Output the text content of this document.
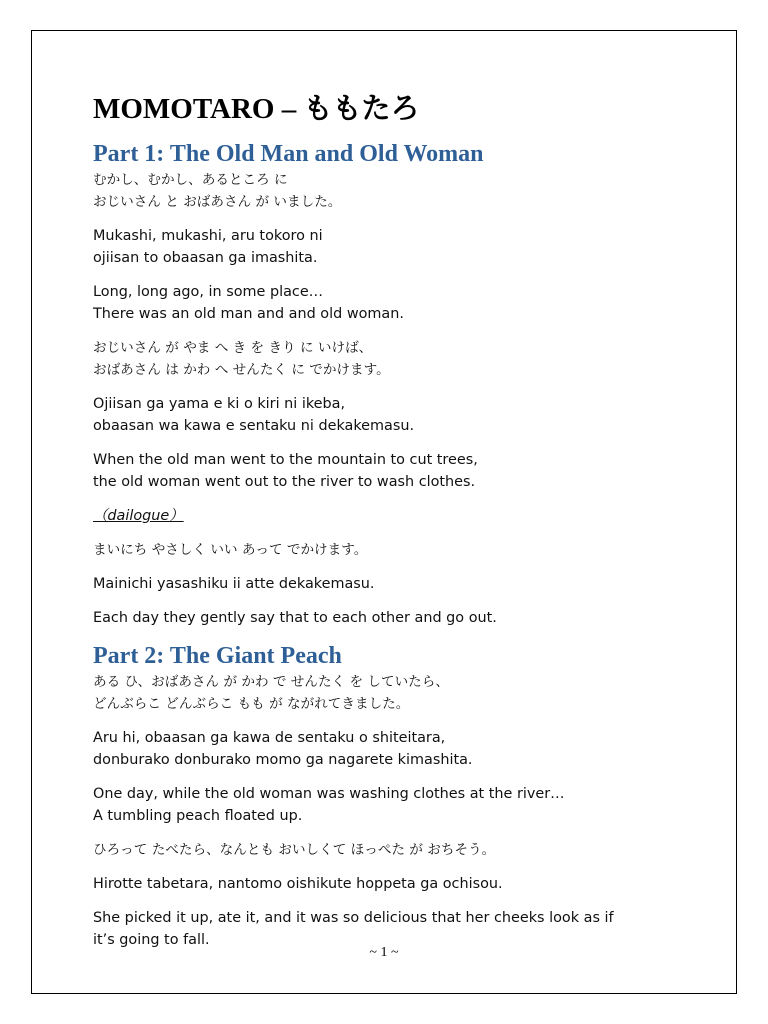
MOMOTARO – ももたろ
Part 1: The Old Man and Old Woman

むかし、むかし、あるところ に
おじいさん と おばあさん が いました。

Mukashi, mukashi, aru tokoro ni
ojiisan to obaasan ga imashita.

Long, long ago, in some place…
There was an old man and and old woman.

おじいさん が やま へ き を きり に いけば、
おばあさん は かわ へ せんたく に でかけます。

Ojiisan ga yama e ki o kiri ni ikeba,
obaasan wa kawa e sentaku ni dekakemasu.

When the old man went to the mountain to cut trees,
the old woman went out to the river to wash clothes.

（dailogue）

まいにち やさしく いい あって でかけます。

Mainichi yasashiku ii atte dekakemasu.

Each day they gently say that to each other and go out.

Part 2: The Giant Peach

ある ひ、おばあさん が かわ で せんたく を していたら、
どんぶらこ どんぶらこ もも が ながれてきました。

Aru hi, obaasan ga kawa de sentaku o shiteitara,
donburako donburako momo ga nagarete kimashita.

One day, while the old woman was washing clothes at the river…
A tumbling peach floated up.

ひろって たべたら、なんとも おいしくて ほっぺた が おちそう。

Hirotte tabetara, nantomo oishikute hoppeta ga ochisou.

She picked it up, ate it, and it was so delicious that her cheeks look as if
it’s going to fall.

~ 1 ~
